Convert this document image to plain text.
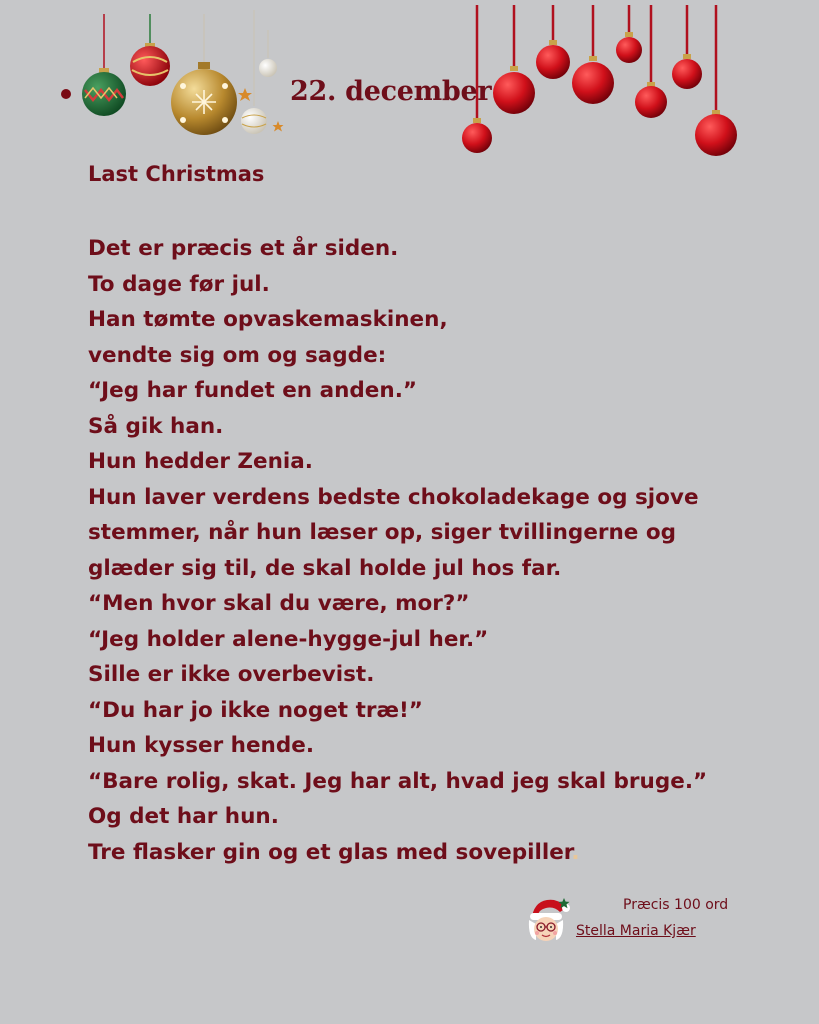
22. december
Last Christmas
Det er præcis et år siden.
To dage før jul.
Han tømte opvaskemaskinen,
vendte sig om og sagde:
“Jeg har fundet en anden.”
Så gik han.
Hun hedder Zenia.
Hun laver verdens bedste chokoladekage og sjove
stemmer, når hun læser op, siger tvillingerne og
glæder sig til, de skal holde jul hos far.
“Men hvor skal du være, mor?”
“Jeg holder alene-hygge-jul her.”
Sille er ikke overbevist.
“Du har jo ikke noget træ!”
Hun kysser hende.
“Bare rolig, skat. Jeg har alt, hvad jeg skal bruge.”
Og det har hun.
Tre flasker gin og et glas med sovepiller.
Præcis 100 ord
Stella Maria Kjær
